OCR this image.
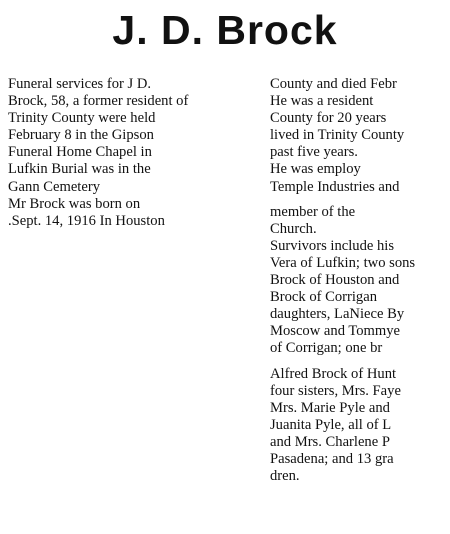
J. D. Brock
Funeral services for J D.
Brock, 58, a former resident of
Trinity County were held
February 8 in the Gipson
Funeral Home Chapel in
Lufkin Burial was in the
Gann Cemetery
Mr Brock was born on
.Sept. 14, 1916 In Houston
County and died Febr
He was a resident
County for 20 years
lived in Trinity County
past five years.
He was employ
Temple Industries and
member of the
Church.
Survivors include his
Vera of Lufkin; two sons
Brock of Houston and
Brock of Corrigan
daughters, LaNiece By
Moscow and Tommye
of Corrigan; one br
Alfred Brock of Hunt
four sisters, Mrs. Faye
Mrs. Marie Pyle and
Juanita Pyle, all of L
and Mrs. Charlene P
Pasadena; and 13 gra
dren.
